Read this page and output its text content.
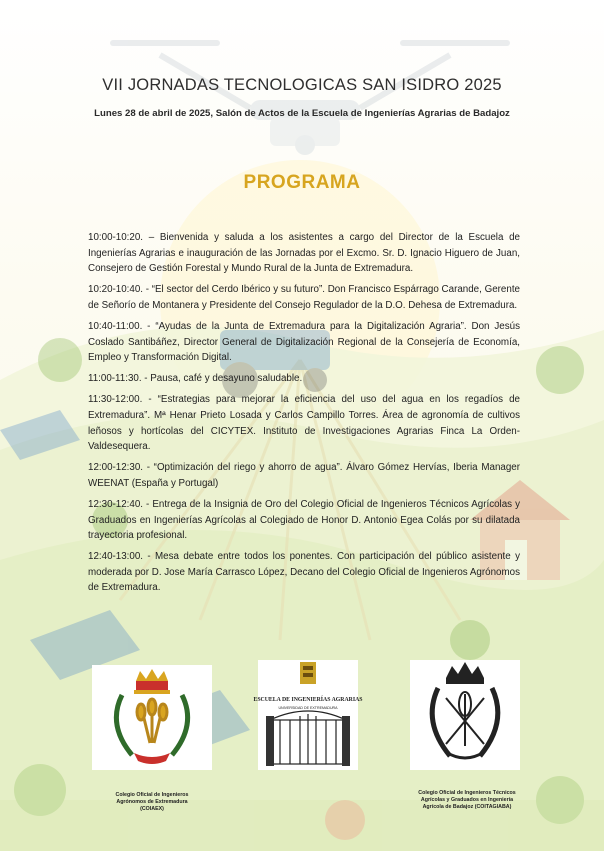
VII JORNADAS TECNOLOGICAS SAN ISIDRO 2025
Lunes 28 de abril de 2025, Salón de Actos de la Escuela de Ingenierías Agrarias de Badajoz
PROGRAMA

10:00-10:20. – Bienvenida y saluda a los asistentes a cargo del Director de la Escuela de Ingenierías Agrarias e inauguración de las Jornadas por el Excmo. Sr. D. Ignacio Higuero de Juan, Consejero de Gestión Forestal y Mundo Rural de la Junta de Extremadura.

10:20-10:40. - “El sector del Cerdo Ibérico y su futuro”. Don Francisco Espárrago Carande, Gerente de Señorío de Montanera y Presidente del Consejo Regulador de la D.O. Dehesa de Extremadura.

10:40-11:00. - “Ayudas de la Junta de Extremadura para la Digitalización Agraria”. Don Jesús Coslado Santibáñez, Director General de Digitalización Regional de la Consejería de Economía, Empleo y Transformación Digital.

11:00-11:30. - Pausa, café y desayuno saludable.

11:30-12:00. - “Estrategias para mejorar la eficiencia del uso del agua en los regadíos de Extremadura”. Mª Henar Prieto Losada y Carlos Campillo Torres. Área de agronomía de cultivos leñosos y hortícolas del CICYTEX. Instituto de Investigaciones Agrarias Finca La Orden- Valdesequera.

12:00-12:30. - “Optimización del riego y ahorro de agua”. Álvaro Gómez Hervías, Iberia Manager WEENAT (España y Portugal)

12:30-12:40. - Entrega de la Insignia de Oro del Colegio Oficial de Ingenieros Técnicos Agrícolas y Graduados en Ingenierías Agrícolas al Colegiado de Honor D. Antonio Egea Colás por su dilatada trayectoria profesional.

12:40-13:00. - Mesa debate entre todos los ponentes. Con participación del público asistente y moderada por D. Jose María Carrasco López, Decano del Colegio Oficial de Ingenieros Agrónomos de Extremadura.

Colegio Oficial de Ingenieros Agrónomos de Extremadura (COIAEX)
ESCUELA DE INGENIERÍAS AGRARIAS
UNIVERSIDAD DE EXTREMADURA
Colegio Oficial de Ingenieros Técnicos Agrícolas y Graduados en Ingeniería Agrícola de Badajoz (COITAGIABA)
